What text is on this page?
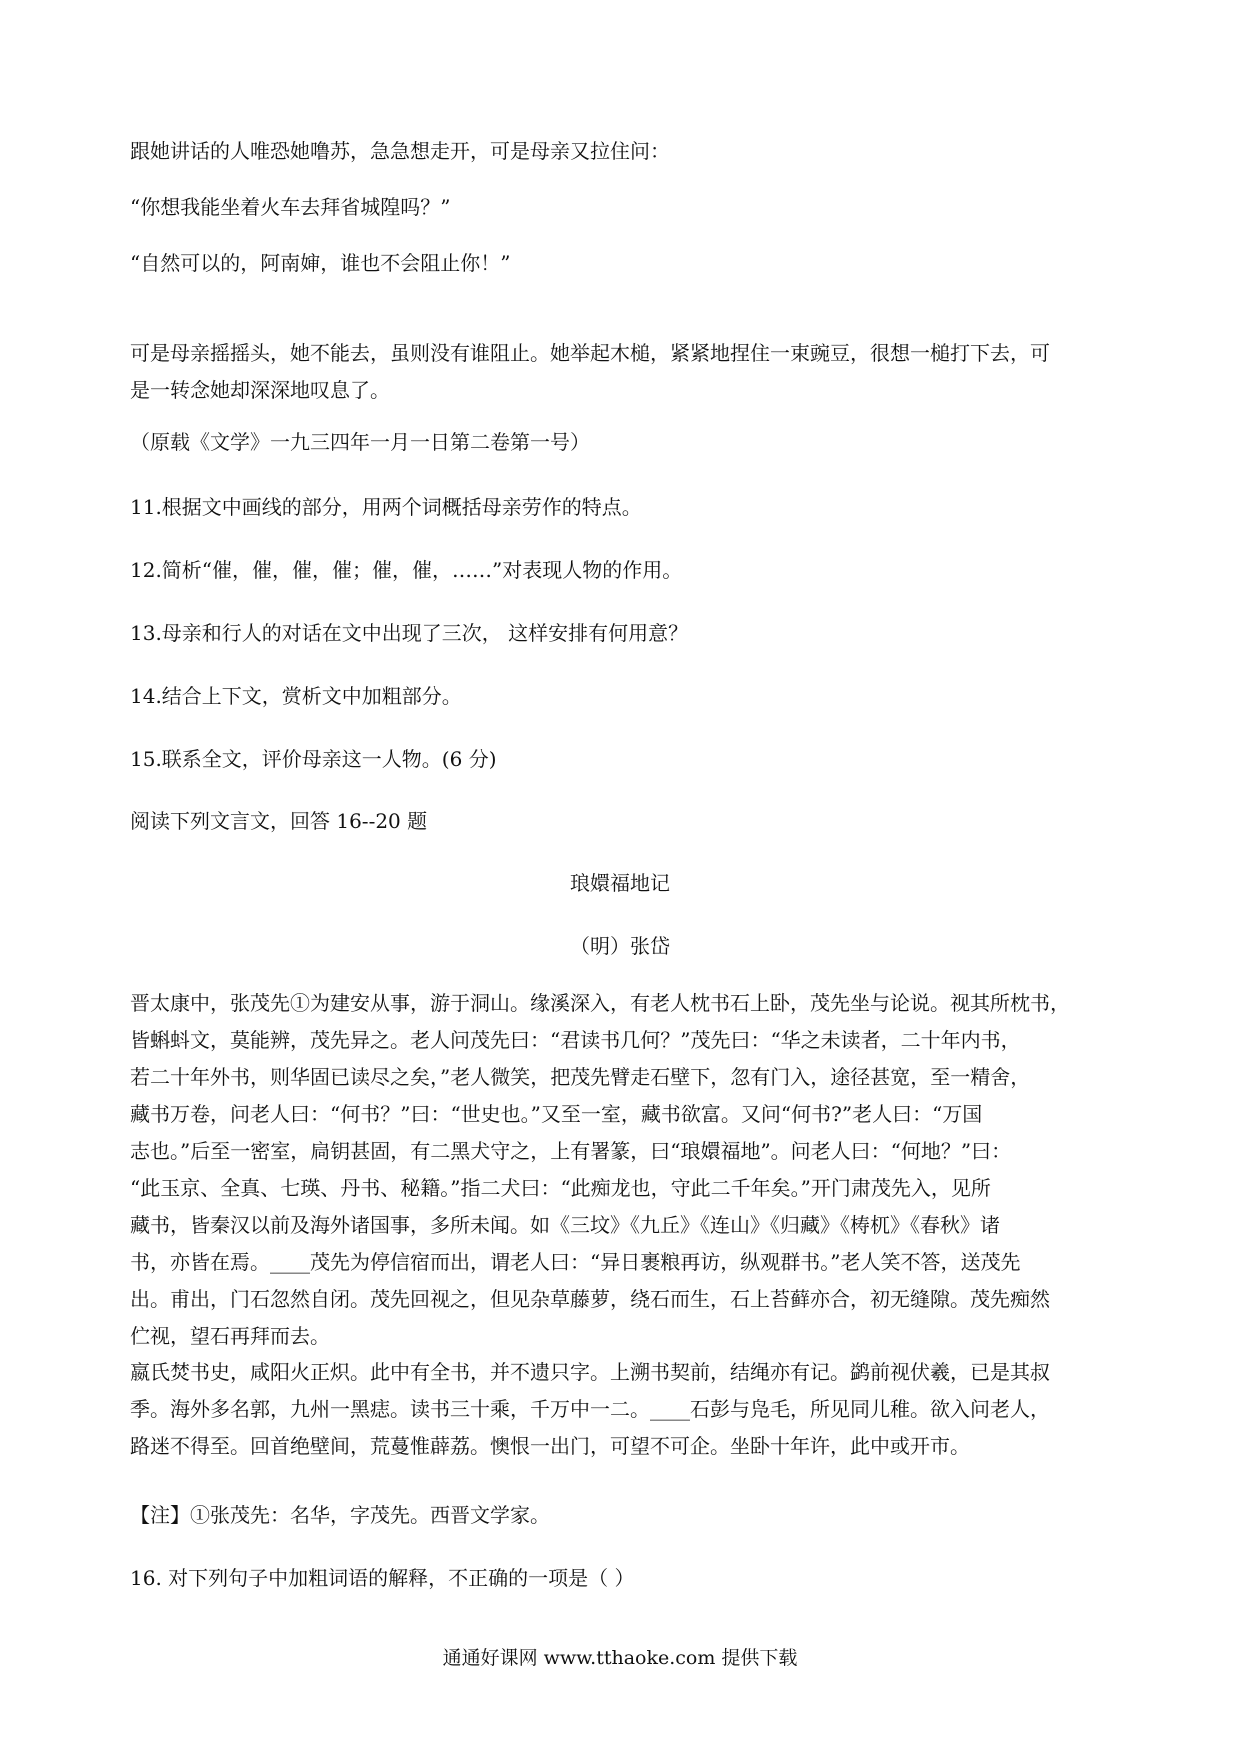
跟她讲话的人唯恐她噜苏，急急想走开，可是母亲又拉住问：
“你想我能坐着火车去拜省城隍吗？”
“自然可以的，阿南婶，谁也不会阻止你！”
可是母亲摇摇头，她不能去，虽则没有谁阻止。她举起木槌，紧紧地捏住一束豌豆，很想一槌打下去，可
是一转念她却深深地叹息了。
（原载《文学》一九三四年一月一日第二卷第一号）
11.根据文中画线的部分，用两个词概括母亲劳作的特点。
12.简析“催，催，催，催；催，催，……”对表现人物的作用。
13.母亲和行人的对话在文中出现了三次， 这样安排有何用意？
14.结合上下文，赏析文中加粗部分。
15.联系全文，评价母亲这一人物。(6 分)
阅读下列文言文，回答 16--20 题
琅嬛福地记
（明）张岱
晋太康中，张茂先①为建安从事，游于洞山。缘溪深入，有老人枕书石上卧，茂先坐与论说。视其所枕书，
皆蝌蚪文，莫能辨，茂先异之。老人问茂先曰：“君读书几何？”茂先曰：“华之未读者，二十年内书，
若二十年外书，则华固已读尽之矣，”老人微笑，把茂先臂走石壁下，忽有门入，途径甚宽，至一精舍，
藏书万卷，问老人曰：“何书？”曰：“世史也。”又至一室，藏书欲富。又问“何书?”老人曰：“万国
志也。”后至一密室，扃钥甚固，有二黑犬守之，上有署篆，曰“琅嬛福地”。问老人曰：“何地？”曰：
“此玉京、全真、七瑛、丹书、秘籍。”指二犬曰：“此痴龙也，守此二千年矣。”开门肃茂先入，见所
藏书，皆秦汉以前及海外诸国事，多所未闻。如《三坟》《九丘》《连山》《归藏》《梼杌》《春秋》诸
书，亦皆在焉。____茂先为停信宿而出，谓老人曰：“异日裹粮再访，纵观群书。”老人笑不答，送茂先
出。甫出，门石忽然自闭。茂先回视之，但见杂草藤萝，绕石而生，石上苔藓亦合，初无缝隙。茂先痴然
伫视，望石再拜而去。
嬴氏焚书史，咸阳火正炽。此中有全书，并不遗只字。上溯书契前，结绳亦有记。鹢前视伏羲，已是其叔
季。海外多名郭，九州一黑痣。读书三十乘，千万中一二。____石彭与凫毛，所见同儿稚。欲入问老人，
路迷不得至。回首绝壁间，荒蔓惟薜荔。懊恨一出门，可望不可企。坐卧十年许，此中或开市。
【注】①张茂先：名华，字茂先。西晋文学家。
16. 对下列句子中加粗词语的解释，不正确的一项是（ ）
通通好课网 www.tthaoke.com 提供下载
